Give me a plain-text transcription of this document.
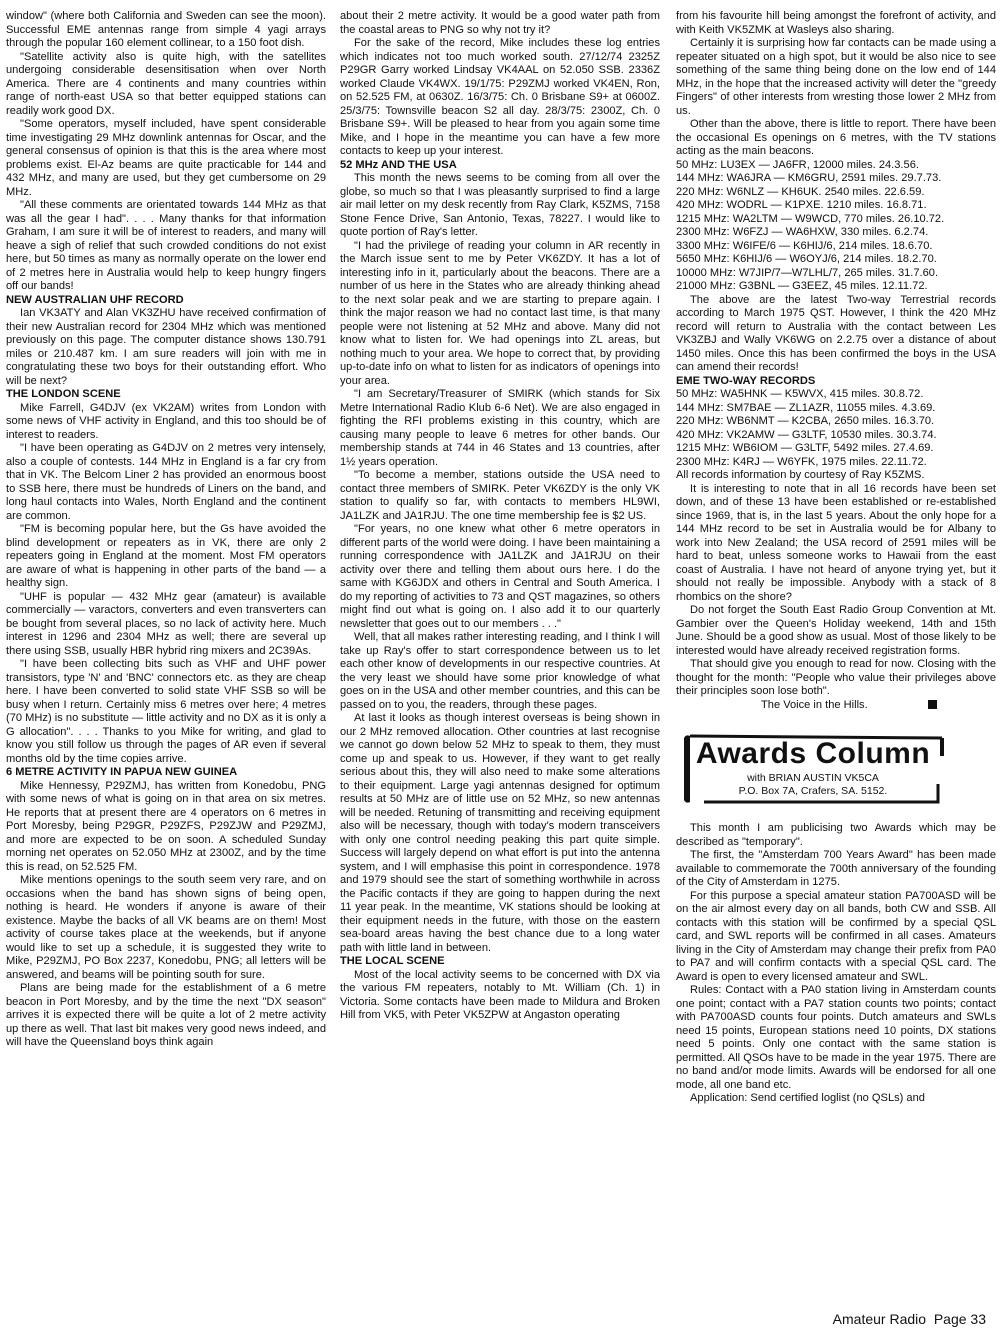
window" (where both California and Sweden can see the moon). Successful EME antennas range from simple 4 yagi arrays through the popular 160 element collinear, to a 150 foot dish.

"Satellite activity also is quite high, with the satellites undergoing considerable desensitisation when over North America. There are 4 continents and many countries within range of north-east USA so that better equipped stations can readily work good DX.

"Some operators, myself included, have spent considerable time investigating 29 MHz downlink antennas for Oscar, and the general consensus of opinion is that this is the area where most problems exist. El-Az beams are quite practicable for 144 and 432 MHz, and many are used, but they get cumbersome on 29 MHz.

"All these comments are orientated towards 144 MHz as that was all the gear I had". . . . Many thanks for that information Graham, I am sure it will be of interest to readers, and many will heave a sigh of relief that such crowded conditions do not exist here, but 50 times as many as normally operate on the lower end of 2 metres here in Australia would help to keep hungry fingers off our bands!

NEW AUSTRALIAN UHF RECORD

Ian VK3ATY and Alan VK3ZHU have received confirmation of their new Australian record for 2304 MHz which was mentioned previously on this page. The computer distance shows 130.791 miles or 210.487 km. I am sure readers will join with me in congratulating these two boys for their outstanding effort. Who will be next?

THE LONDON SCENE

Mike Farrell, G4DJV (ex VK2AM) writes from London with some news of VHF activity in England, and this too should be of interest to readers.

"I have been operating as G4DJV on 2 metres very intensely, also a couple of contests. 144 MHz in England is a far cry from that in VK. The Belcom Liner 2 has provided an enormous boost to SSB here, there must be hundreds of Liners on the band, and long haul contacts into Wales, North England and the continent are common.

"FM is becoming popular here, but the Gs have avoided the blind development or repeaters as in VK, there are only 2 repeaters going in England at the moment. Most FM operators are aware of what is happening in other parts of the band — a healthy sign.

"UHF is popular — 432 MHz gear (amateur) is available commercially — varactors, converters and even transverters can be bought from several places, so no lack of activity here. Much interest in 1296 and 2304 MHz as well; there are several up there using SSB, usually HBR hybrid ring mixers and 2C39As.

"I have been collecting bits such as VHF and UHF power transistors, type 'N' and 'BNC' connectors etc. as they are cheap here. I have been converted to solid state VHF SSB so will be busy when I return. Certainly miss 6 metres over here; 4 metres (70 MHz) is no substitute — little activity and no DX as it is only a G allocation". . . . Thanks to you Mike for writing, and glad to know you still follow us through the pages of AR even if several months old by the time copies arrive.

6 METRE ACTIVITY IN PAPUA NEW GUINEA

Mike Hennessy, P29ZMJ, has written from Konedobu, PNG with some news of what is going on in that area on six metres. He reports that at present there are 4 operators on 6 metres in Port Moresby, being P29GR, P29ZFS, P29ZJW and P29ZMJ, and more are expected to be on soon. A scheduled Sunday morning net operates on 52.050 MHz at 2300Z, and by the time this is read, on 52.525 FM.

Mike mentions openings to the south seem very rare, and on occasions when the band has shown signs of being open, nothing is heard. He wonders if anyone is aware of their existence. Maybe the backs of all VK beams are on them! Most activity of course takes place at the weekends, but if anyone would like to set up a schedule, it is suggested they write to Mike, P29ZMJ, PO Box 2237, Konedobu, PNG; all letters will be answered, and beams will be pointing south for sure.

Plans are being made for the establishment of a 6 metre beacon in Port Moresby, and by the time the next "DX season" arrives it is expected there will be quite a lot of 2 metre activity up there as well. That last bit makes very good news indeed, and will have the Queensland boys think again

about their 2 metre activity. It would be a good water path from the coastal areas to PNG so why not try it?

For the sake of the record, Mike includes these log entries which indicates not too much worked south. 27/12/74 2325Z P29GR Garry worked Lindsay VK4AAL on 52.050 SSB. 2336Z worked Claude VK4WX. 19/1/75: P29ZMJ worked VK4EN, Ron, on 52.525 FM, at 0630Z. 16/3/75: Ch. 0 Brisbane S9+ at 0600Z. 25/3/75: Townsville beacon S2 all day. 28/3/75: 2300Z, Ch. 0 Brisbane S9+. Will be pleased to hear from you again some time Mike, and I hope in the meantime you can have a few more contacts to keep up your interest.

52 MHz AND THE USA

This month the news seems to be coming from all over the globe, so much so that I was pleasantly surprised to find a large air mail letter on my desk recently from Ray Clark, K5ZMS, 7158 Stone Fence Drive, San Antonio, Texas, 78227. I would like to quote portion of Ray's letter.

"I had the privilege of reading your column in AR recently in the March issue sent to me by Peter VK6ZDY. It has a lot of interesting info in it, particularly about the beacons. There are a number of us here in the States who are already thinking ahead to the next solar peak and we are starting to prepare again. I think the major reason we had no contact last time, is that many people were not listening at 52 MHz and above. Many did not know what to listen for. We had openings into ZL areas, but nothing much to your area. We hope to correct that, by providing up-to-date info on what to listen for as indicators of openings into your area.

"I am Secretary/Treasurer of SMIRK (which stands for Six Metre International Radio Klub 6-6 Net). We are also engaged in fighting the RFI problems existing in this country, which are causing many people to leave 6 metres for other bands. Our membership stands at 744 in 46 States and 13 countries, after 1½ years operation.

"To become a member, stations outside the USA need to contact three members of SMIRK. Peter VK6ZDY is the only VK station to qualify so far, with contacts to members HL9WI, JA1LZK and JA1RJU. The one time membership fee is $2 US.

"For years, no one knew what other 6 metre operators in different parts of the world were doing. I have been maintaining a running correspondence with JA1LZK and JA1RJU on their activity over there and telling them about ours here. I do the same with KG6JDX and others in Central and South America. I do my reporting of activities to 73 and QST magazines, so others might find out what is going on. I also add it to our quarterly newsletter that goes out to our members . . ."

Well, that all makes rather interesting reading, and I think I will take up Ray's offer to start correspondence between us to let each other know of developments in our respective countries. At the very least we should have some prior knowledge of what goes on in the USA and other member countries, and this can be passed on to you, the readers, through these pages.

At last it looks as though interest overseas is being shown in our 2 MHz removed allocation. Other countries at last recognise we cannot go down below 52 MHz to speak to them, they must come up and speak to us. However, if they want to get really serious about this, they will also need to make some alterations to their equipment. Large yagi antennas designed for optimum results at 50 MHz are of little use on 52 MHz, so new antennas will be needed. Retuning of transmitting and receiving equipment also will be necessary, though with today's modern transceivers with only one control needing peaking this part quite simple. Success will largely depend on what effort is put into the antenna system, and I will emphasise this point in correspondence. 1978 and 1979 should see the start of something worthwhile in across the Pacific contacts if they are going to happen during the next 11 year peak. In the meantime, VK stations should be looking at their equipment needs in the future, with those on the eastern sea-board areas having the best chance due to a long water path with little land in between.

THE LOCAL SCENE

Most of the local activity seems to be concerned with DX via the various FM repeaters, notably to Mt. William (Ch. 1) in Victoria. Some contacts have been made to Mildura and Broken Hill from VK5, with Peter VK5ZPW at Angaston operating

from his favourite hill being amongst the forefront of activity, and with Keith VK5ZMK at Wasleys also sharing.

Certainly it is surprising how far contacts can be made using a repeater situated on a high spot, but it would be also nice to see something of the same thing being done on the low end of 144 MHz, in the hope that the increased activity will deter the "greedy Fingers" of other interests from wresting those lower 2 MHz from us.

Other than the above, there is little to report. There have been the occasional Es openings on 6 metres, with the TV stations acting as the main beacons.

50 MHz: LU3EX — JA6FR, 12000 miles. 24.3.56.

144 MHz: WA6JRA — KM6GRU, 2591 miles. 29.7.73.

220 MHz: W6NLZ — KH6UK. 2540 miles. 22.6.59.

420 MHz: WODRL — K1PXE. 1210 miles. 16.8.71.

1215 MHz: WA2LTM — W9WCD, 770 miles. 26.10.72.

2300 MHz: W6FZJ — WA6HXW, 330 miles. 6.2.74.

3300 MHz: W6IFE/6 — K6HIJ/6, 214 miles. 18.6.70.

5650 MHz: K6HIJ/6 — W6OYJ/6, 214 miles. 18.2.70.

10000 MHz: W7JIP/7—W7LHL/7, 265 miles. 31.7.60.

21000 MHz: G3BNL — G3EEZ, 45 miles. 12.11.72.

The above are the latest Two-way Terrestrial records according to March 1975 QST. However, I think the 420 MHz record will return to Australia with the contact between Les VK3ZBJ and Wally VK6WG on 2.2.75 over a distance of about 1450 miles. Once this has been confirmed the boys in the USA can amend their records!

EME TWO-WAY RECORDS

50 MHz: WA5HNK — K5WVX, 415 miles. 30.8.72.

144 MHz: SM7BAE — ZL1AZR, 11055 miles. 4.3.69.

220 MHz: WB6NMT — K2CBA, 2650 miles. 16.3.70.

420 MHz: VK2AMW — G3LTF, 10530 miles. 30.3.74.

1215 MHz: WB6IOM — G3LTF, 5492 miles. 27.4.69.

2300 MHz: K4RJ — W6YFK, 1975 miles. 22.11.72.

All records information by courtesy of Ray K5ZMS.

It is interesting to note that in all 16 records have been set down, and of these 13 have been established or re-established since 1969, that is, in the last 5 years. About the only hope for a 144 MHz record to be set in Australia would be for Albany to work into New Zealand; the USA record of 2591 miles will be hard to beat, unless someone works to Hawaii from the east coast of Australia. I have not heard of anyone trying yet, but it should not really be impossible. Anybody with a stack of 8 rhombics on the shore?

Do not forget the South East Radio Group Convention at Mt. Gambier over the Queen's Holiday weekend, 14th and 15th June. Should be a good show as usual. Most of those likely to be interested would have already received registration forms.

That should give you enough to read for now. Closing with the thought for the month: "People who value their privileges above their principles soon lose both".

The Voice in the Hills.

Awards Column
with BRIAN AUSTIN VK5CA
P.O. Box 7A, Crafers, SA. 5152.

This month I am publicising two Awards which may be described as "temporary".

The first, the "Amsterdam 700 Years Award" has been made available to commemorate the 700th anniversary of the founding of the City of Amsterdam in 1275.

For this purpose a special amateur station PA700ASD will be on the air almost every day on all bands, both CW and SSB. All contacts with this station will be confirmed by a special QSL card, and SWL reports will be confirmed in all cases. Amateurs living in the City of Amsterdam may change their prefix from PA0 to PA7 and will confirm contacts with a special QSL card. The Award is open to every licensed amateur and SWL.

Rules: Contact with a PA0 station living in Amsterdam counts one point; contact with a PA7 station counts two points; contact with PA700ASD counts four points. Dutch amateurs and SWLs need 15 points, European stations need 10 points, DX stations need 5 points. Only one contact with the same station is permitted. All QSOs have to be made in the year 1975. There are no band and/or mode limits. Awards will be endorsed for all one mode, all one band etc.

Application: Send certified loglist (no QSLs) and

Amateur Radio Page 33
